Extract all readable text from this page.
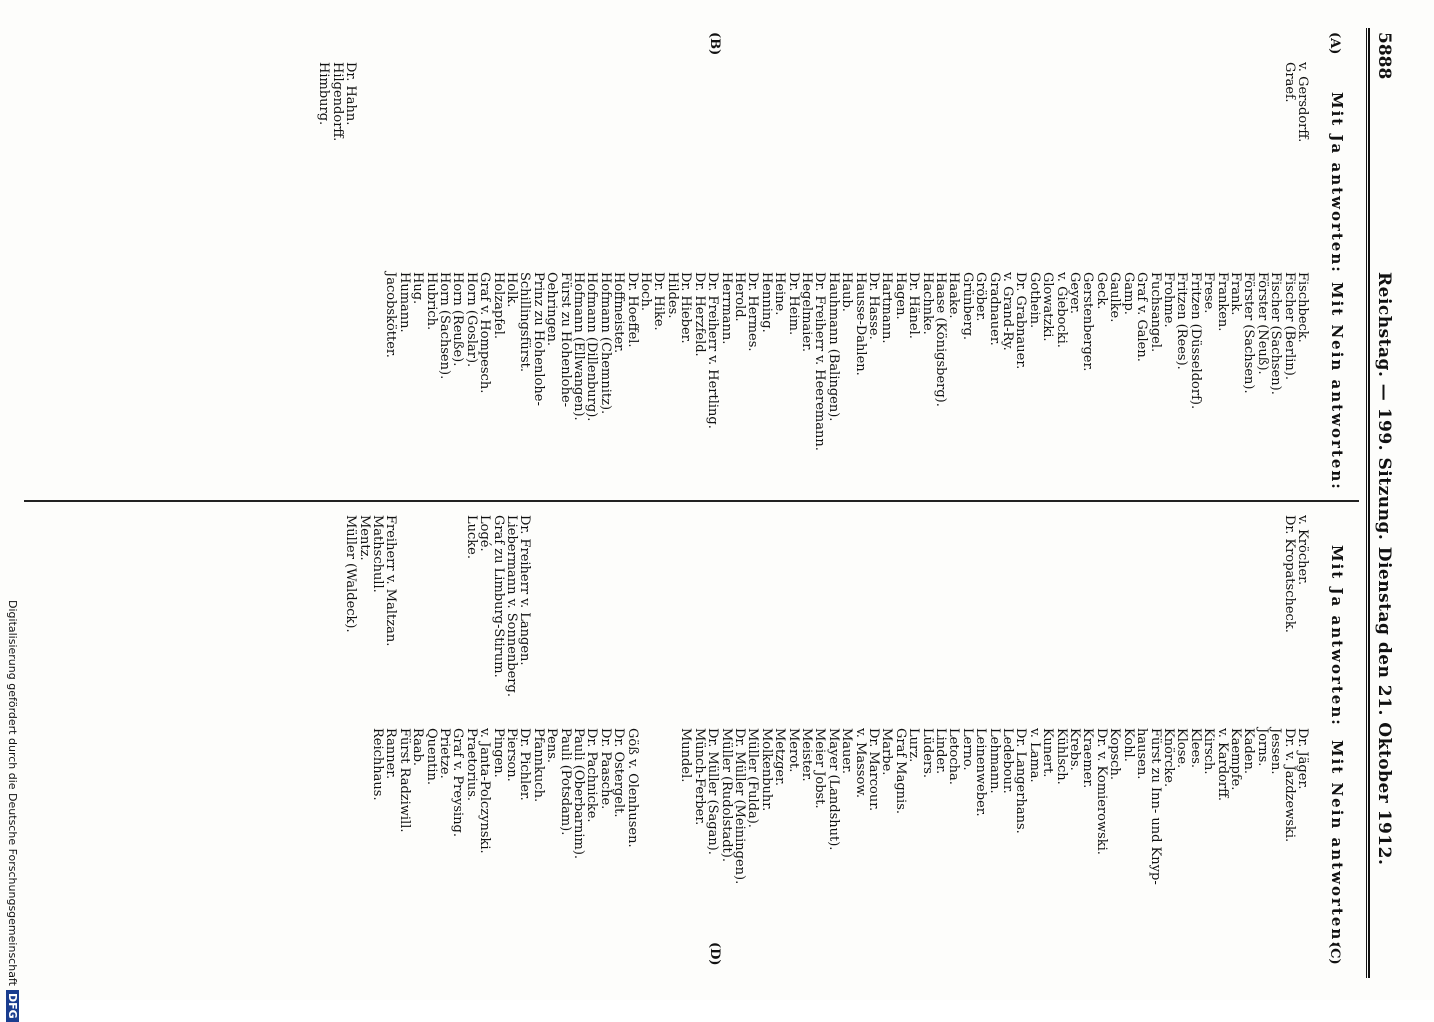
5888
Reichstag. — 199. Sitzung. Dienstag den 21. Oktober 1912.
(A)
(B)
(C)
(D)
Mit Ja antworten:
Mit Nein antworten:
Mit Ja antworten:
Mit Nein antworten:
v. Gersdorff.
Graef.

Dr. Hahn.
Hilgendorff.
Himburg.
Fischbeck.
Fischer (Berlin).
Fischer (Sachsen).
Förster (Neuß).
Förster (Sachsen).
Frank.
Franken.
Frese.
Fritzen (Düsseldorf).
Fritzen (Rees).
Frohme.
Fuchsangel.
Graf v. Galen.
Gamp.
Gaulke.
Geck.
Gerstenberger.
Geyer.
v. Giebocki.
Glowatzki.
Gothein.
Dr. Grabnauer.
v. Grand-Ry.
Gradnauer.
Gröber.
Grünberg.
Haake.
Haase (Königsberg).
Hachnke.
Dr. Hänel.
Hagen.
Hartmann.
Dr. Hasse.
Hausse-Dahlen.
Haub.
Hauhmann (Balingen).
Dr. Freiherr v. Heeremann.
Hegelmaier.
Dr. Heim.
Heine.
Henning.
Dr. Hermes.
Herold.
Herrmann.
Dr. Freiherr v. Hertling.
Dr. Herzfeld.
Dr. Hieber.
Hildes.
Dr. Hike.
Hoch.
Dr. Hoeffel.
Hoffmeister.
Hofmann (Chemnitz).
Hofmann (Dillenburg).
Hofmann (Ellwangen).
Fürst zu Hohenlohe-
Oehringen.
Prinz zu Hohenlohe-
Schillingsfürst.
Holk.
Holzapfel.
Graf v. Hompesch.
Horn (Goslar).
Horn (Reuße).
Horn (Sachsen).
Hubrich.
Hug.
Humann.
Jacobskötter.
v. Kröcher.
Dr. Kropatscheck.

Dr. Freiherr v. Langen.
Liebermann v. Sonnenberg.
Graf zu Limburg-Stirum.
Logé.
Lucke.

Freiherr v. Maltzan.
Mathschull.
Mentz.
Müller (Waldeck).

Dr. Jäger.
Dr. v. Jazdzewski.
Jessen.
Jorns.
Kaden.
Kaempfe.
v. Kardorff.
Kirsch.
Klees.
Klose.
Knörcke.
Fürst zu Inn- und Knyp-
hausen.
Kohl.
Kopsch.
Dr. v. Komierowski.
Kraemer.
Krebs.
Kühlsch.
Kunert.
v. Lama.
Dr. Langerhans.
Ledebour.
Lehmann.
Leinenweber.
Lerno.
Letocha.
Linder.
Lüders.
Lurz.
Graf Magnis.
Marbe.
Dr. Marcour.
v. Massow.
Mauer.
Mayer (Landshut).
Meier Jobst.
Meister.
Merot.
Metzger.
Molkenbuhr.
Müller (Fulda).
Dr. Müller (Meiningen).
Müller (Rudolstadt).
Dr. Müller (Sagan).
Münch-Ferber.
Mundel.

Göß v. Olenhusen.
Dr. Ostergelt.
Dr. Paasche.
Dr. Pachnicke.
Pauli (Oberbarnim).
Pauli (Potsdam).
Pens.
Pfannkuch.
Dr. Pichler.
Pierson.
Pingen.
v. Janta-Polczynski.
Praetorius.
Graf v. Preysing.
Prietze.
Quentin.
Raab.
Fürst Radziwill.
Ranner.
Reichhaus.
Digitalisierung gefördert durch die Deutsche ForschungsgemeinschaftDFG
